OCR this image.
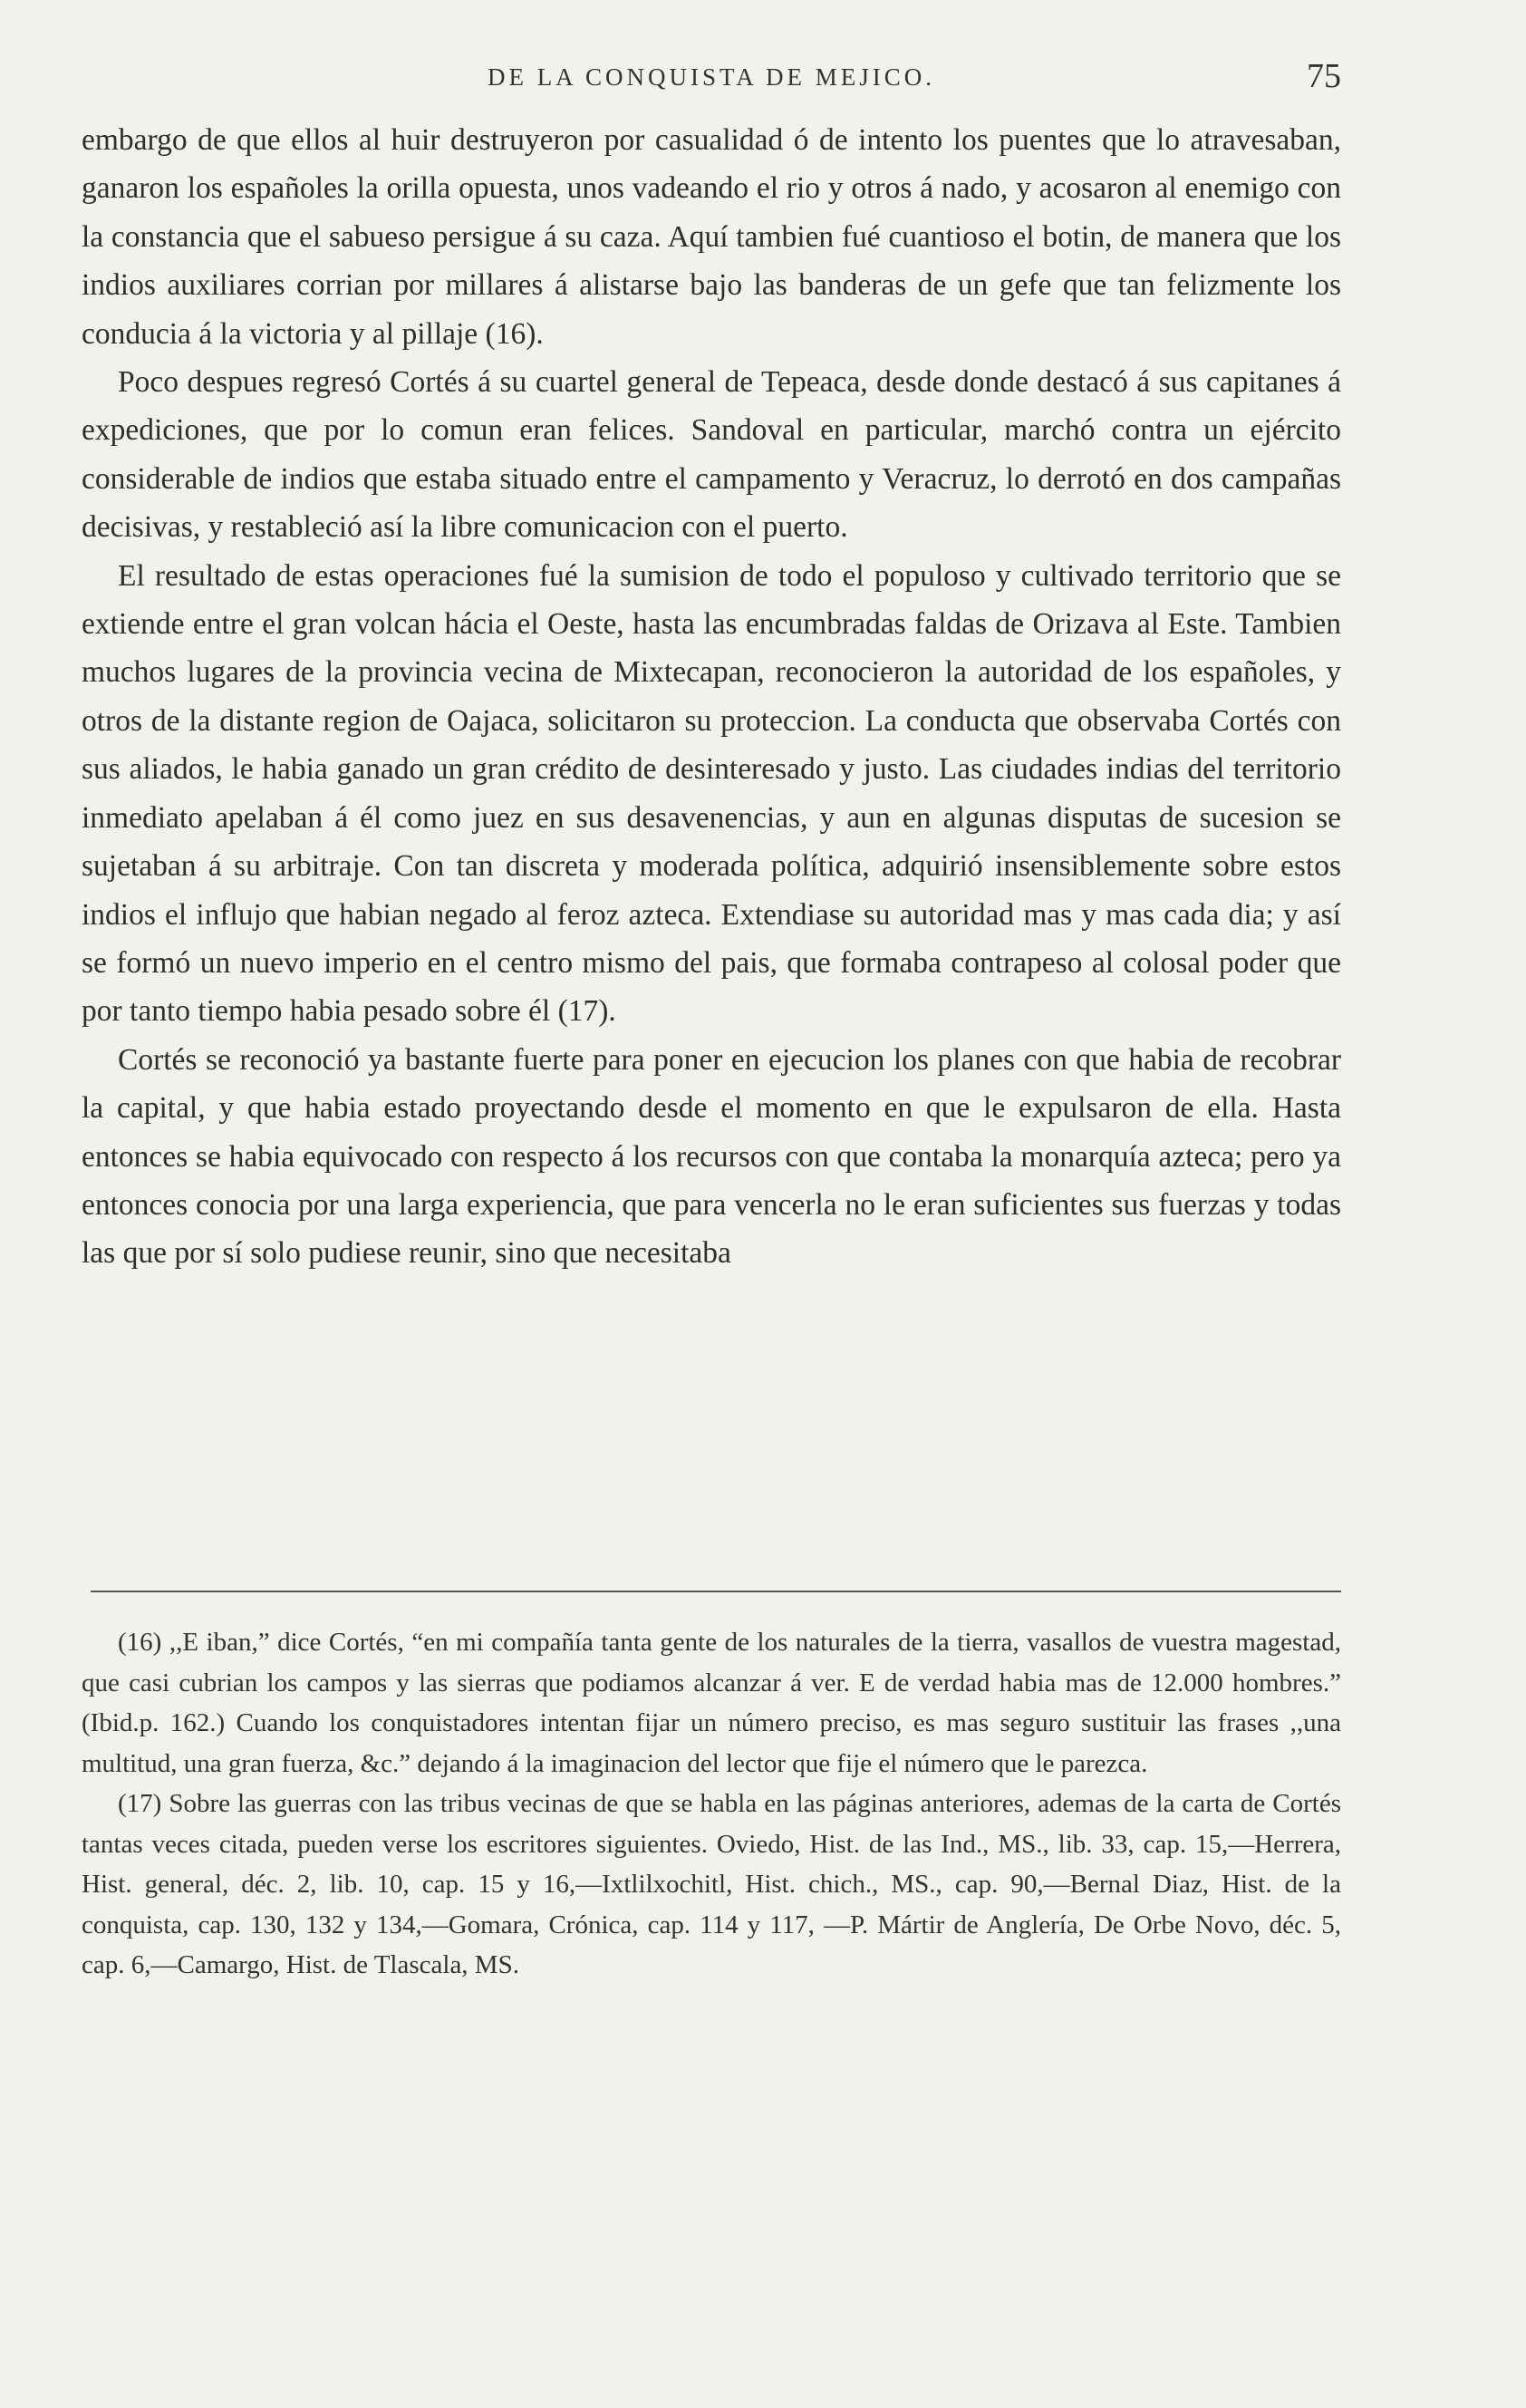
DE LA CONQUISTA DE MEJICO.	75

embargo de que ellos al huir destruyeron por casualidad ó de intento los puentes que lo atravesaban, ganaron los españoles la orilla opuesta, unos vadeando el rio y otros á nado, y acosaron al enemigo con la constancia que el sabueso persigue á su caza. Aquí tambien fué cuantioso el botin, de manera que los indios auxiliares corrian por millares á alistarse bajo las banderas de un gefe que tan felizmente los conducia á la victoria y al pillaje (16).

Poco despues regresó Cortés á su cuartel general de Tepeaca, desde donde destacó á sus capitanes á expediciones, que por lo comun eran felices. Sandoval en particular, marchó contra un ejército considerable de indios que estaba situado entre el campamento y Veracruz, lo derrotó en dos campañas decisivas, y restableció así la libre comunicacion con el puerto.

El resultado de estas operaciones fué la sumision de todo el populoso y cultivado territorio que se extiende entre el gran volcan hácia el Oeste, hasta las encumbradas faldas de Orizava al Este. Tambien muchos lugares de la provincia vecina de Mixtecapan, reconocieron la autoridad de los españoles, y otros de la distante region de Oajaca, solicitaron su proteccion. La conducta que observaba Cortés con sus aliados, le habia ganado un gran crédito de desinteresado y justo. Las ciudades indias del territorio inmediato apelaban á él como juez en sus desavenencias, y aun en algunas disputas de sucesion se sujetaban á su arbitraje. Con tan discreta y moderada política, adquirió insensiblemente sobre estos indios el influjo que habian negado al feroz azteca. Extendiase su autoridad mas y mas cada dia; y así se formó un nuevo imperio en el centro mismo del pais, que formaba contrapeso al colosal poder que por tanto tiempo habia pesado sobre él (17).

Cortés se reconoció ya bastante fuerte para poner en ejecucion los planes con que habia de recobrar la capital, y que habia estado proyectando desde el momento en que le expulsaron de ella. Hasta entonces se habia equivocado con respecto á los recursos con que contaba la monarquía azteca; pero ya entonces conocia por una larga experiencia, que para vencerla no le eran suficientes sus fuerzas y todas las que por sí solo pudiese reunir, sino que necesitaba

(16) ,,E iban,” dice Cortés, “en mi compañía tanta gente de los naturales de la tierra, vasallos de vuestra magestad, que casi cubrian los campos y las sierras que podiamos alcanzar á ver. E de verdad habia mas de 12.000 hombres.” (Ibid.p. 162.) Cuando los conquistadores intentan fijar un número preciso, es mas seguro sustituir las frases ,,una multitud, una gran fuerza, &c.” dejando á la imaginacion del lector que fije el número que le parezca.

(17) Sobre las guerras con las tribus vecinas de que se habla en las páginas anteriores, ademas de la carta de Cortés tantas veces citada, pueden verse los escritores siguientes. Oviedo, Hist. de las Ind., MS., lib. 33, cap. 15,—Herrera, Hist. general, déc. 2, lib. 10, cap. 15 y 16,—Ixtlilxochitl, Hist. chich., MS., cap. 90,—Bernal Diaz, Hist. de la conquista, cap. 130, 132 y 134,—Gomara, Crónica, cap. 114 y 117, —P. Mártir de Anglería, De Orbe Novo, déc. 5, cap. 6,—Camargo, Hist. de Tlascala, MS.
